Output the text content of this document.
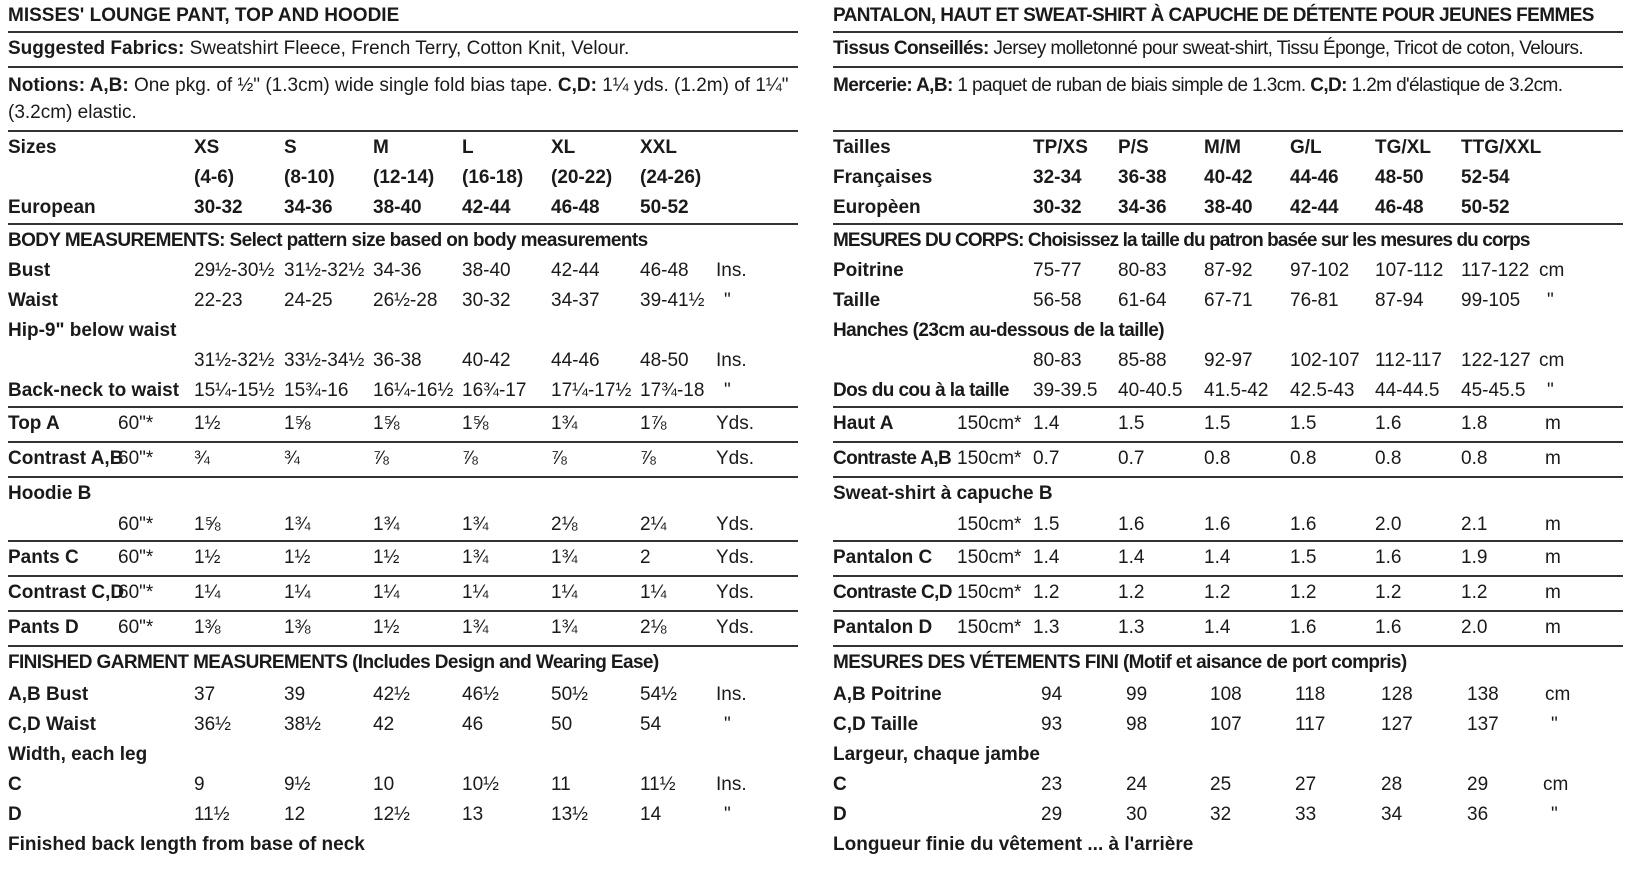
MISSES' LOUNGE PANT, TOP AND HOODIE
Suggested Fabrics: Sweatshirt Fleece, French Terry, Cotton Knit, Velour.
Notions: A,B: One pkg. of ½" (1.3cm) wide single fold bias tape. C,D: 1¼ yds. (1.2m) of 1¼" (3.2cm) elastic.
Sizes	XS	S	M	L	XL	XXL
(4-6)	(8-10) (12-14) (16-18) (20-22) (24-26)
European	30-32 34-36 38-40 42-44 46-48 50-52
BODY MEASUREMENTS: Select pattern size based on body measurements
Bust	29½-30½ 31½-32½ 34-36 38-40 42-44 46-48 Ins.
Waist	22-23 24-25 26½-28 30-32 34-37 39-41½ "
Hip-9" below waist
31½-32½ 33½-34½ 36-38 40-42 44-46 48-50 Ins.
Back-neck to waist 15¼-15½ 15¾-16 16¼-16½ 16¾-17 17¼-17½ 17¾-18 "
Top A	60"* 1½	1⅝	1⅝	1⅝	1¾	1⅞	Yds.
Contrast A,B
60"* ¾	¾	⅞	⅞	⅞	⅞	Yds.
Hoodie B
60"* 1⅝	1¾	1¾	1¾	2⅛	2¼	Yds.
Pants C 60"* 1½	1½	1½	1¾	1¾	2	Yds.
Contrast C,D
60"* 1¼	1¼	1¼	1¼	1¼	1¼	Yds.
Pants D 60"* 1⅜	1⅜	1½	1¾	1¾	2⅛	Yds.
FINISHED GARMENT MEASUREMENTS (Includes Design and Wearing Ease)
A,B Bust	37	39	42½	46½	50½	54½ Ins.
C,D Waist	36½	38½	42	46	50	54	"
Width, each leg
C	9	9½	10	10½	11	11½ Ins.
D	11½	12	12½	13	13½	14	"
Finished back length from base of neck
PANTALON, HAUT ET SWEAT-SHIRT À CAPUCHE DE DÉTENTE POUR JEUNES FEMMES
Tissus Conseillés: Jersey molletonné pour sweat-shirt, Tissu Éponge, Tricot de coton, Velours.
Mercerie: A,B: 1 paquet de ruban de biais simple de 1.3cm. C,D: 1.2m d'élastique de 3.2cm.
Tailles	TP/XS P/S	M/M	G/L	TG/XL TTG/XXL
Françaises	32-34 36-38 40-42 44-46 48-50 52-54
Europèen	30-32 34-36 38-40 42-44 46-48 50-52
MESURES DU CORPS: Choisissez la taille du patron basée sur les mesures du corps
Poitrine	75-77 80-83 87-92 97-102 107-112 117-122 cm
Taille	56-58 61-64 67-71 76-81 87-94 99-105 "
Hanches (23cm au-dessous de la taille)
80-83 85-88 92-97 102-107 112-117 122-127 cm
Dos du cou à la taille 39-39.5 40-40.5 41.5-42 42.5-43 44-44.5 45-45.5 "
Haut A	150cm* 1.4	1.5	1.5	1.5	1.6	1.8	m
Contraste A,B 150cm* 0.7	0.7	0.8	0.8	0.8	0.8	m
Sweat-shirt à capuche B
150cm* 1.5	1.6	1.6	1.6	2.0	2.1	m
Pantalon C 150cm* 1.4	1.4	1.4	1.5	1.6	1.9	m
Contraste C,D 150cm* 1.2	1.2	1.2	1.2	1.2	1.2	m
Pantalon D 150cm* 1.3	1.3	1.4	1.6	1.6	2.0	m
MESURES DES VÉTEMENTS FINI (Motif et aisance de port compris)
A,B Poitrine	94	99	108	118	128	138 cm
C,D Taille	93	98	107	117	127	137	"
Largeur, chaque jambe
C	23	24	25	27	28	29	cm
D	29	30	32	33	34	36	"
Longueur finie du vêtement ... à l'arrière
